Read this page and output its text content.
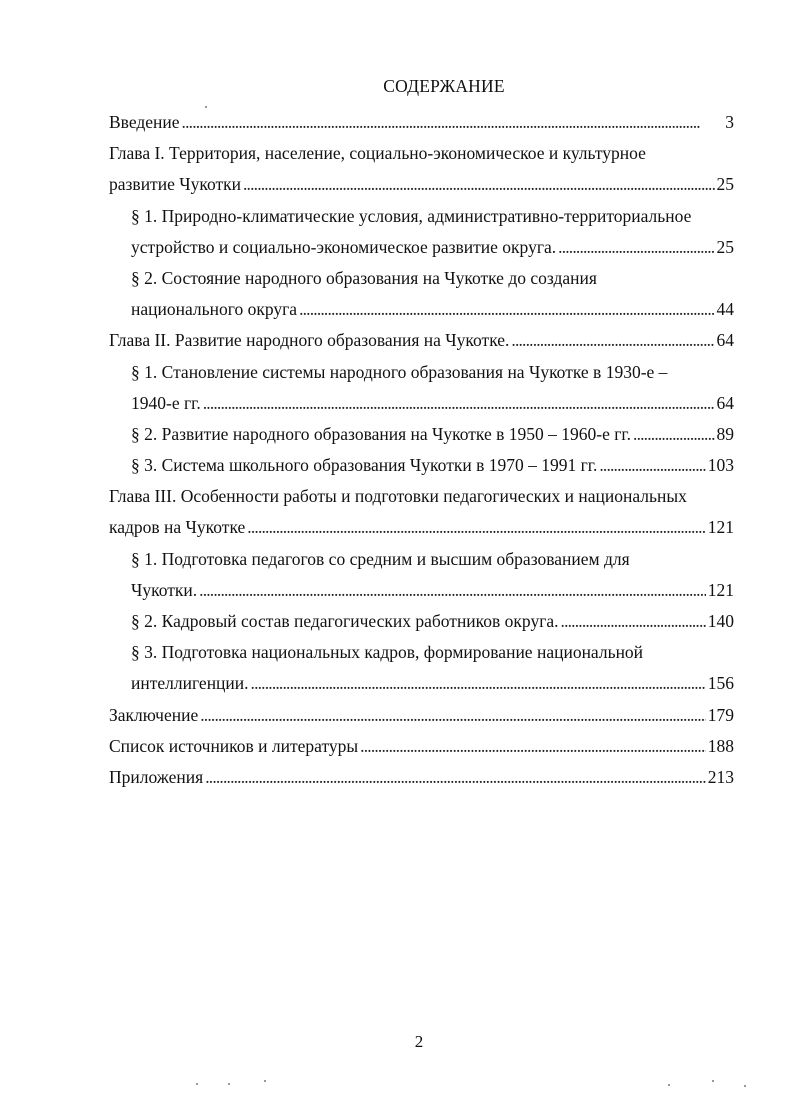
СОДЕРЖАНИЕ
Введение . . .	3
Глава I. Территория, население, социально-экономическое и культурное
развитие Чукотки . . .	25
§ 1. Природно-климатические условия, административно-территориальное
устройство и социально-экономическое развитие округа. . . .	25
§ 2. Состояние народного образования на Чукотке до создания
национального округа . . .	44
Глава II. Развитие народного образования на Чукотке. . . .	64
§ 1. Становление системы народного образования на Чукотке в 1930-е –
1940-е гг. . . .	64
§ 2. Развитие народного образования на Чукотке в 1950 – 1960-е гг. . . .	89
§ 3. Система школьного образования Чукотки в 1970 – 1991 гг. . . .	103
Глава III. Особенности работы и подготовки педагогических и национальных
кадров на Чукотке . . .	121
§ 1. Подготовка педагогов со средним и высшим образованием для
Чукотки. . . .	121
§ 2. Кадровый состав педагогических работников округа. . . .	140
§ 3. Подготовка национальных кадров, формирование национальной
интеллигенции. . . .	156
Заключение . . .	179
Список источников и литературы . . .	188
Приложения . . .	213
2
